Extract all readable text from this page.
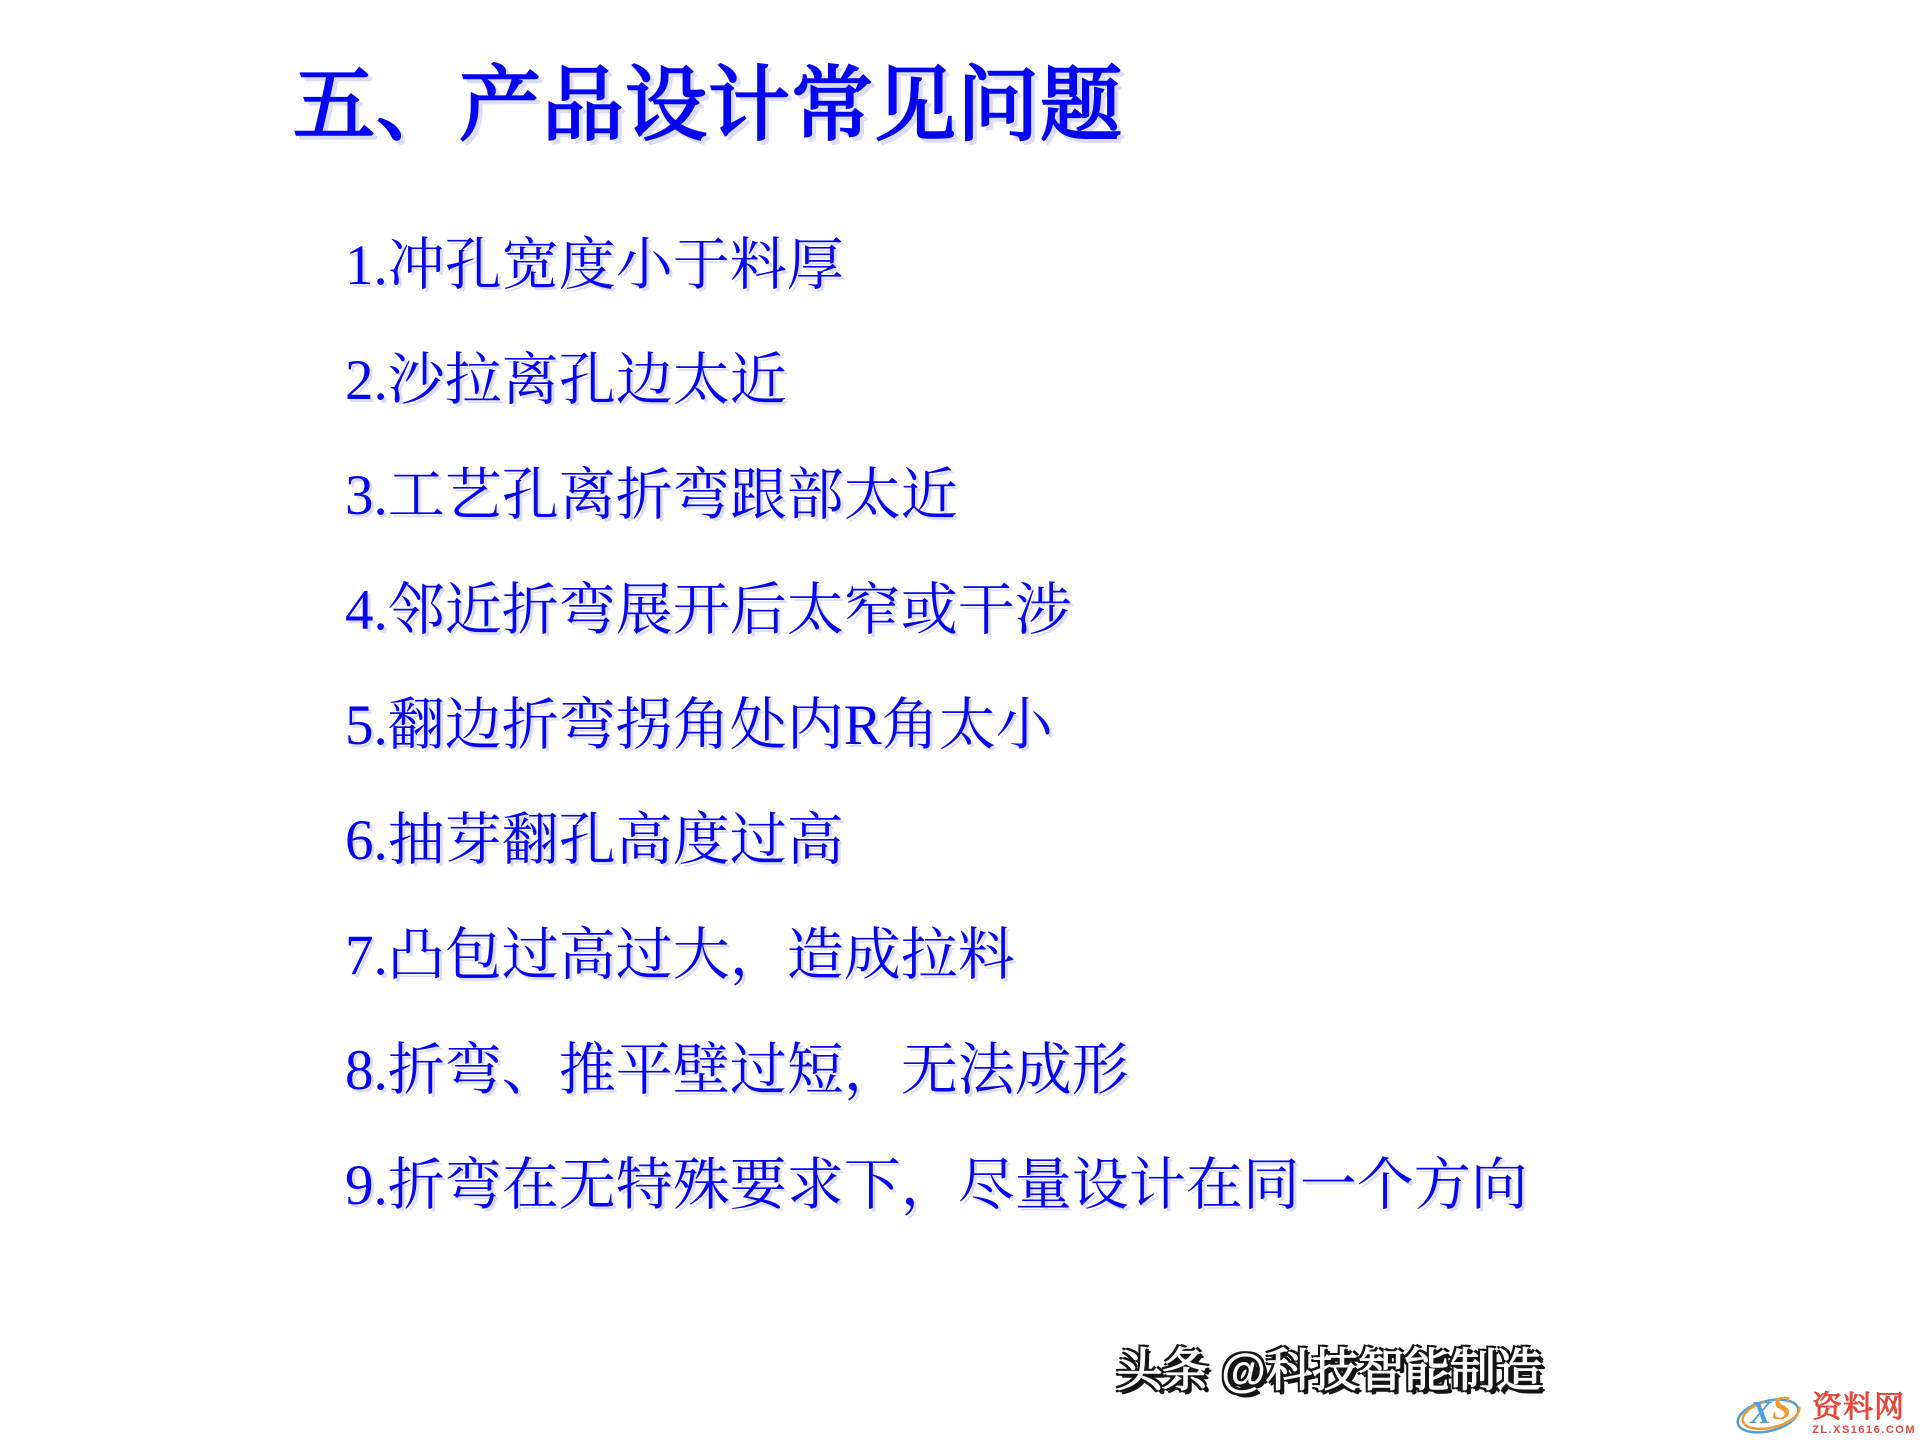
五、产品设计常见问题
1.冲孔宽度小于料厚
2.沙拉离孔边太近
3.工艺孔离折弯跟部太近
4.邻近折弯展开后太窄或干涉
5.翻边折弯拐角处内R角太小
6.抽芽翻孔高度过高
7.凸包过高过大，造成拉料
8.折弯、推平壁过短，无法成形
9.折弯在无特殊要求下，尽量设计在同一个方向
头条 @科技智能制造
X S 资料网
ZL.XS1616.COM
